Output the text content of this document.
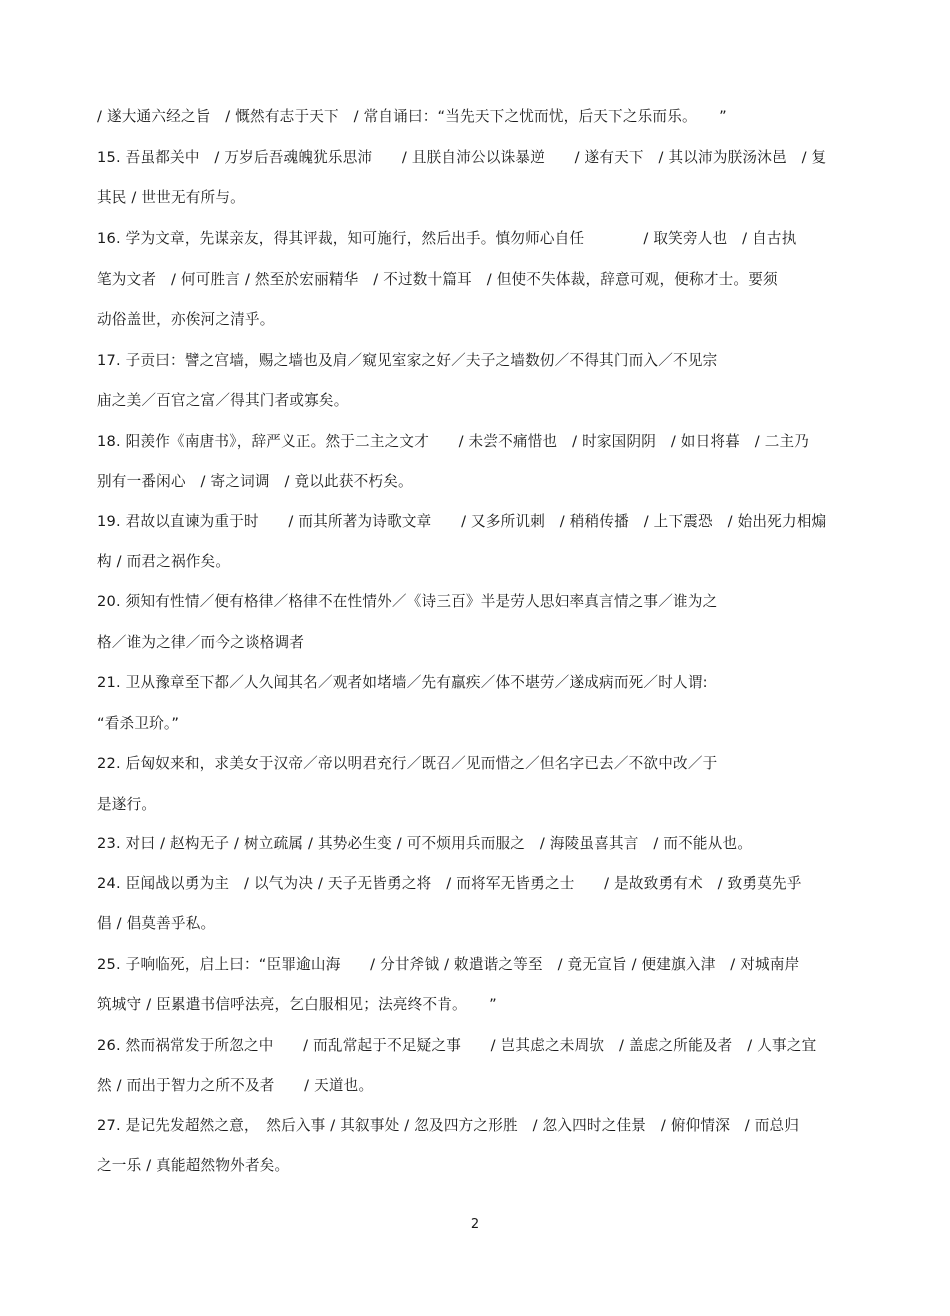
/ 遂大通六经之旨　/ 慨然有志于天下　/ 常自诵曰：“当先天下之忧而忧，后天下之乐而乐。　　”
15. 吾虽都关中　/ 万岁后吾魂魄犹乐思沛　　/ 且朕自沛公以诛暴逆　　/ 遂有天下　/ 其以沛为朕汤沐邑　/ 复
其民 / 世世无有所与。
16. 学为文章，先谋亲友，得其评裁，知可施行，然后出手。慎勿师心自任　　　　/ 取笑旁人也　/ 自古执
笔为文者　/ 何可胜言 / 然至於宏丽精华　/ 不过数十篇耳　/ 但使不失体裁，辞意可观，便称才士。要须
动俗盖世，亦俟河之清乎。
17. 子贡曰：譬之宫墙，赐之墙也及肩／窥见室家之好／夫子之墙数仞／不得其门而入／不见宗
庙之美／百官之富／得其门者或寡矣。
18. 阳羡作《南唐书》，辞严义正。然于二主之文才　　/ 未尝不痛惜也　/ 时家国阴阴　/ 如日将暮　/ 二主乃
别有一番闲心　/ 寄之词调　/ 竟以此获不朽矣。
19. 君故以直谏为重于时　　/ 而其所著为诗歌文章　　/ 又多所讥刺　/ 稍稍传播　/ 上下震恐　/ 始出死力相煽
构 / 而君之祸作矣。
20. 须知有性情／便有格律／格律不在性情外／《诗三百》半是劳人思妇率真言情之事／谁为之
格／谁为之律／而今之谈格调者
21. 卫从豫章至下都／人久闻其名／观者如堵墙／先有羸疾／体不堪劳／遂成病而死／时人谓:
“看杀卫玠。”
22. 后匈奴来和，求美女于汉帝／帝以明君充行／既召／见而惜之／但名字已去／不欲中改／于
是遂行。
23. 对曰 / 赵构无子 / 树立疏属 / 其势必生变 / 可不烦用兵而服之　/ 海陵虽喜其言　/ 而不能从也。
24. 臣闻战以勇为主　/ 以气为决 / 天子无皆勇之将　/ 而将军无皆勇之士　　/ 是故致勇有术　/ 致勇莫先乎
倡 / 倡莫善乎私。
25. 子响临死，启上曰：“臣罪逾山海　　/ 分甘斧钺 / 敕遣谐之等至　/ 竟无宣旨 / 便建旗入津　/ 对城南岸
筑城守 / 臣累遣书信呼法亮，乞白服相见；法亮终不肯。　　”
26. 然而祸常发于所忽之中　　/ 而乱常起于不足疑之事　　/ 岂其虑之未周欤　/ 盖虑之所能及者　/ 人事之宜
然 / 而出于智力之所不及者　　/ 天道也。
27. 是记先发超然之意，　然后入事 / 其叙事处 / 忽及四方之形胜　/ 忽入四时之佳景　/ 俯仰情深　/ 而总归
之一乐 / 真能超然物外者矣。
2
